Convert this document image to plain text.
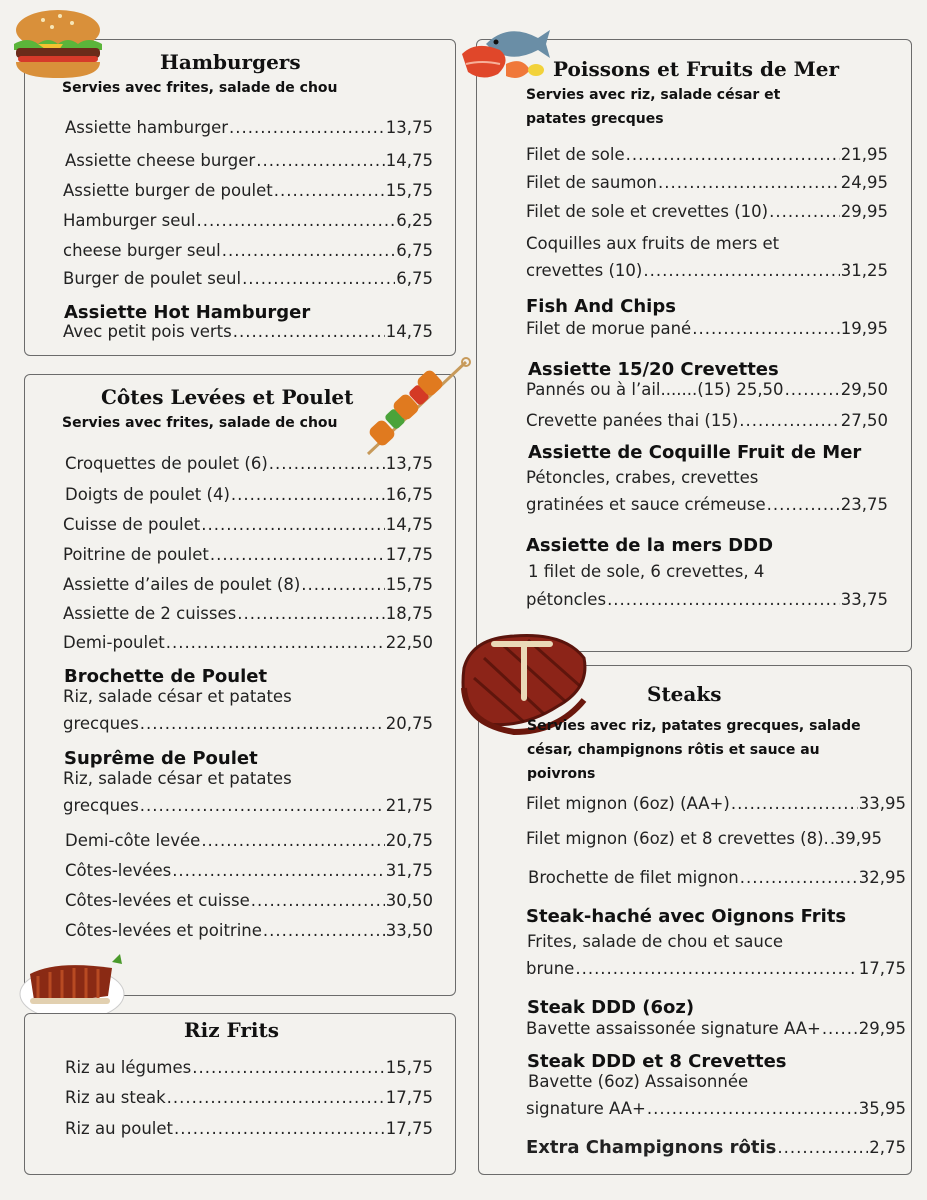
Hamburgers
Servies avec frites, salade de chou
Assiette hamburger .....	13,75
Assiette cheese burger .....	14,75
Assiette burger de poulet .....	15,75
Hamburger seul .....	6,25
cheese burger seul .....	6,75
Burger de poulet seul .....	6,75
Assiette Hot Hamburger
Avec petit pois verts .....	14,75
Côtes Levées et Poulet
Servies avec frites, salade de chou
Croquettes de poulet (6) .....	13,75
Doigts de poulet (4) .....	16,75
Cuisse de poulet .....	14,75
Poitrine de poulet .....	17,75
Assiette d’ailes de poulet (8) .....	15,75
Assiette de 2 cuisses .....	18,75
Demi-poulet .....	22,50
Brochette de Poulet
Riz, salade césar et patates
grecques .....	20,75
Suprême de Poulet
Riz, salade césar et patates
grecques .....	21,75
Demi-côte levée .....	20,75
Côtes-levées .....	31,75
Côtes-levées et cuisse .....	30,50
Côtes-levées et poitrine .....	33,50
Riz Frits
Riz au légumes .....	15,75
Riz au steak .....	17,75
Riz au poulet .....	17,75
Poissons et Fruits de Mer
Servies avec riz, salade césar et
patates grecques
Filet de sole .....	21,95
Filet de saumon .....	24,95
Filet de sole et crevettes (10) .....	29,95
Coquilles aux fruits de mers et
crevettes (10) .....	31,25
Fish And Chips
Filet de morue pané .....	19,95
Assiette 15/20 Crevettes
Pannés ou à l’ail.......(15) 25,50 .....	29,50
Crevette panées thai (15) .....	27,50
Assiette de Coquille Fruit de Mer
Pétoncles, crabes, crevettes
gratinées et sauce crémeuse .....	23,75
Assiette de la mers DDD
1 filet de sole, 6 crevettes, 4
pétoncles .....	33,75
Steaks
Servies avec riz, patates grecques, salade
césar, champignons rôtis et sauce au
poivrons
Filet mignon (6oz) (AA+) .....	33,95
Filet mignon (6oz) et 8 crevettes (8). ..... 39,95
Brochette de filet mignon .....	32,95
Steak-haché avec Oignons Frits
Frites, salade de chou et sauce
brune .....	17,75
Steak DDD (6oz)
Bavette assaissonée signature AA+ ..... 29,95
Steak DDD et 8 Crevettes
Bavette (6oz) Assaisonnée
signature AA+ .....	35,95
Extra Champignons rôtis .....	2,75
